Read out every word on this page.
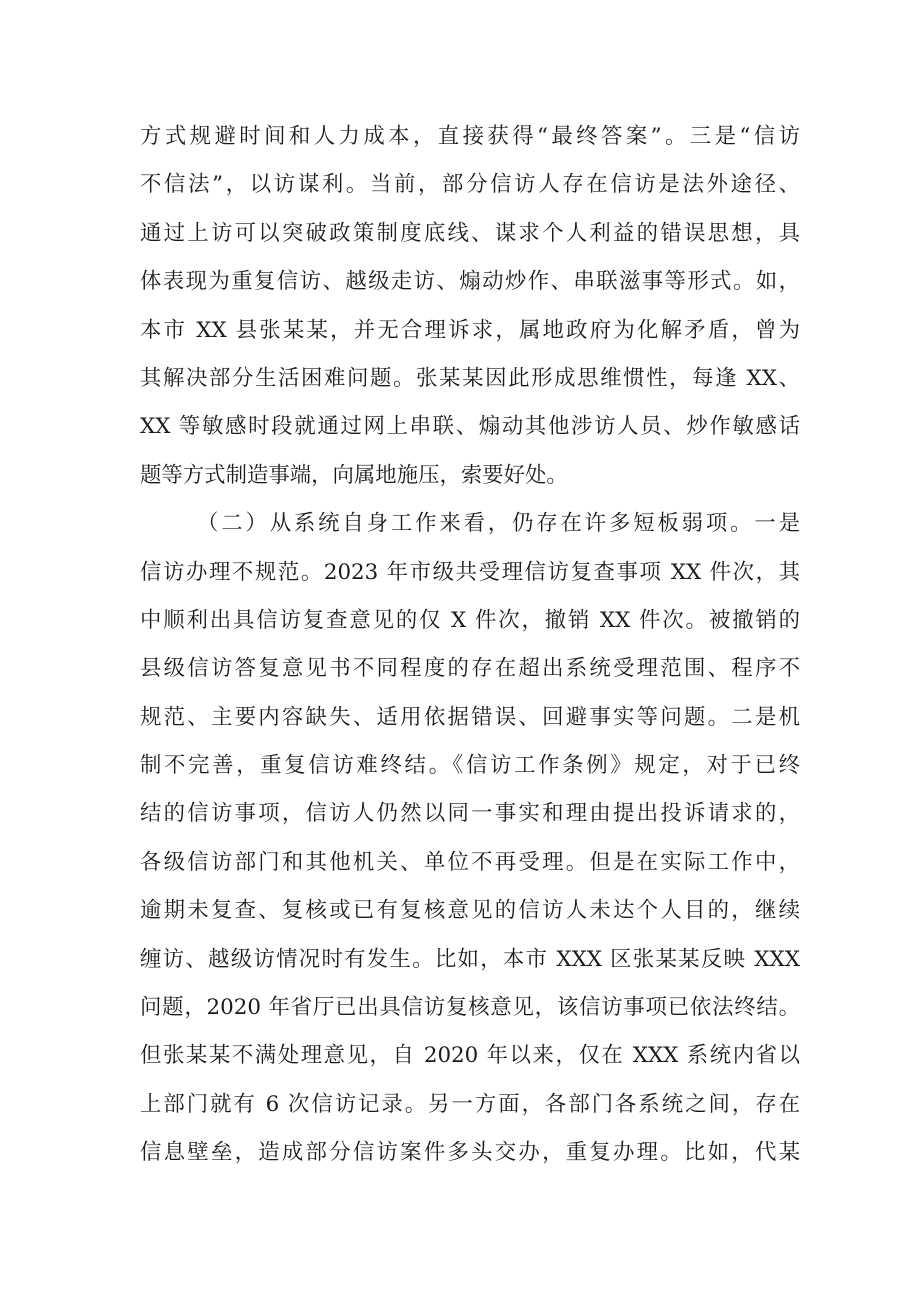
方式规避时间和人力成本，直接获得“最终答案”。三是“信访
不信法”，以访谋利。当前，部分信访人存在信访是法外途径、
通过上访可以突破政策制度底线、谋求个人利益的错误思想，具
体表现为重复信访、越级走访、煽动炒作、串联滋事等形式。如，
本市 XX 县张某某，并无合理诉求，属地政府为化解矛盾，曾为
其解决部分生活困难问题。张某某因此形成思维惯性，每逢 XX、
XX 等敏感时段就通过网上串联、煽动其他涉访人员、炒作敏感话
题等方式制造事端，向属地施压，索要好处。
（二）从系统自身工作来看，仍存在许多短板弱项。一是
信访办理不规范。2023 年市级共受理信访复查事项 XX 件次，其
中顺利出具信访复查意见的仅 X 件次，撤销 XX 件次。被撤销的
县级信访答复意见书不同程度的存在超出系统受理范围、程序不
规范、主要内容缺失、适用依据错误、回避事实等问题。二是机
制不完善，重复信访难终结。《信访工作条例》规定，对于已终
结的信访事项，信访人仍然以同一事实和理由提出投诉请求的，
各级信访部门和其他机关、单位不再受理。但是在实际工作中，
逾期未复查、复核或已有复核意见的信访人未达个人目的，继续
缠访、越级访情况时有发生。比如，本市 XXX 区张某某反映 XXX
问题，2020 年省厅已出具信访复核意见，该信访事项已依法终结。
但张某某不满处理意见，自 2020 年以来，仅在 XXX 系统内省以
上部门就有 6 次信访记录。另一方面，各部门各系统之间，存在
信息壁垒，造成部分信访案件多头交办，重复办理。比如，代某
